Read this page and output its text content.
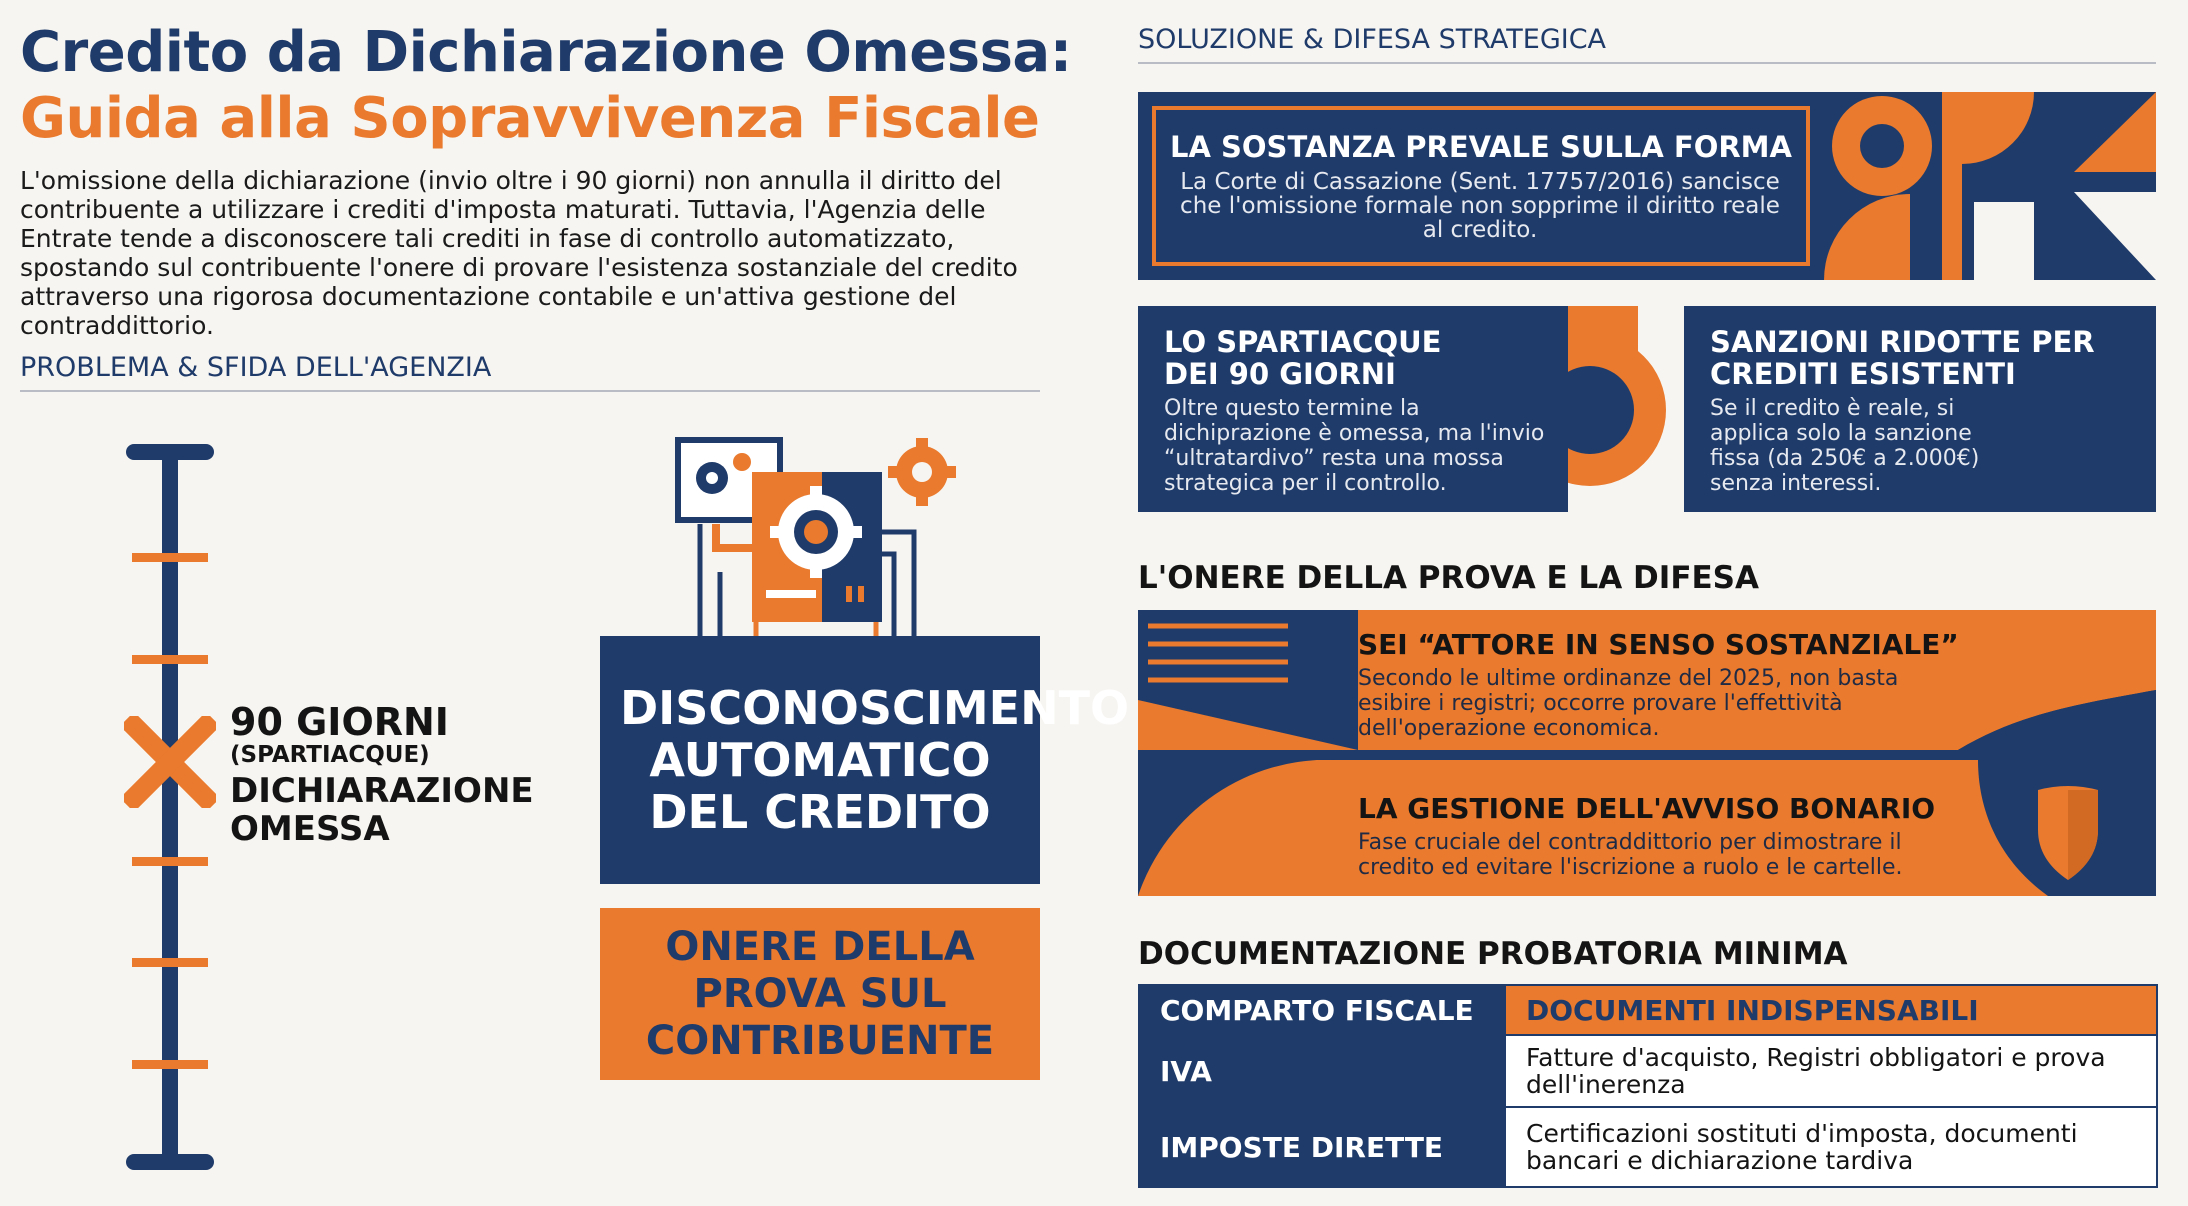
Credito da Dichiarazione Omessa:
Guida alla Sopravvivenza Fiscale
L'omissione della dichiarazione (invio oltre i 90 giorni) non annulla il diritto del contribuente a utilizzare i crediti d'imposta maturati. Tuttavia, l'Agenzia delle Entrate tende a disconoscere tali crediti in fase di controllo automatizzato, spostando sul contribuente l'onere di provare l'esistenza sostanziale del credito attraverso una rigorosa documentazione contabile e un'attiva gestione del contraddittorio.
PROBLEMA & SFIDA DELL'AGENZIA
90 GIORNI
(SPARTIACQUE)
DICHIARAZIONE OMESSA
DISCONOSCIMENTO AUTOMATICO DEL CREDITO
ONERE DELLA PROVA SUL CONTRIBUENTE
SOLUZIONE & DIFESA STRATEGICA
LA SOSTANZA PREVALE SULLA FORMA
La Corte di Cassazione (Sent. 17757/2016) sancisce che l'omissione formale non sopprime il diritto reale al credito.
LO SPARTIACQUE DEI 90 GIORNI
Oltre questo termine la dichiprazione è omessa, ma l'invio “ultratardivo” resta una mossa strategica per il controllo.
SANZIONI RIDOTTE PER CREDITI ESISTENTI
Se il credito è reale, si applica solo la sanzione fissa (da 250€ a 2.000€) senza interessi.
L'ONERE DELLA PROVA E LA DIFESA
SEI “ATTORE IN SENSO SOSTANZIALE”
Secondo le ultime ordinanze del 2025, non basta esibire i registri; occorre provare l'effettività dell'operazione economica.
LA GESTIONE DELL'AVVISO BONARIO
Fase cruciale del contraddittorio per dimostrare il credito ed evitare l'iscrizione a ruolo e le cartelle.
DOCUMENTAZIONE PROBATORIA MINIMA
COMPARTO FISCALE	DOCUMENTI INDISPENSABILI
IVA	Fatture d'acquisto, Registri obbligatori e prova dell'inerenza
IMPOSTE DIRETTE	Certificazioni sostituti d'imposta, documenti bancari e dichiarazione tardiva
